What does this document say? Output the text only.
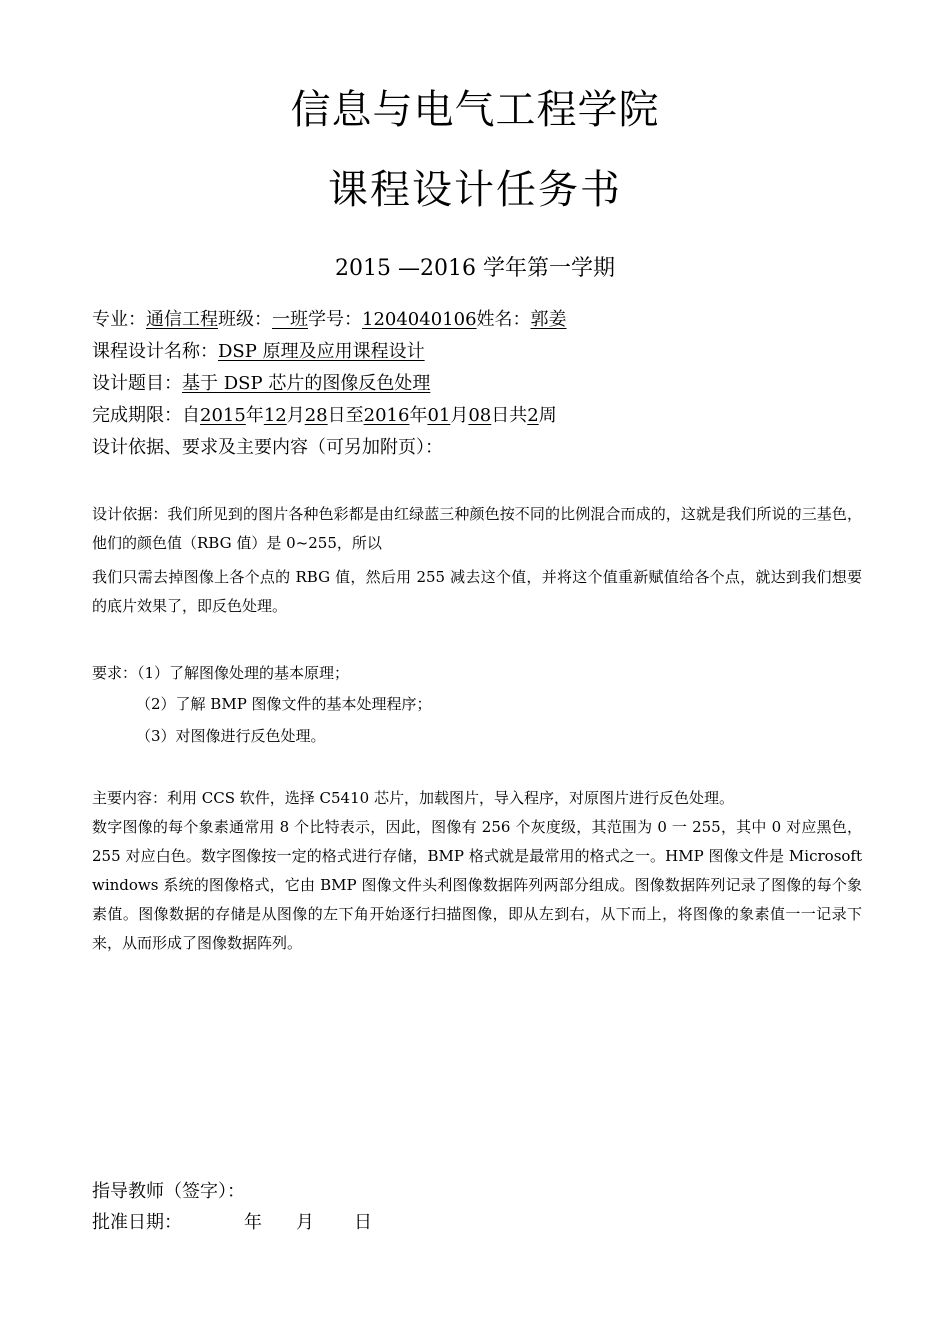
信息与电气工程学院
课程设计任务书
2015 —2016 学年第一学期
专业：通信工程班级：一班学号：1204040106姓名：郭姜
课程设计名称：DSP 原理及应用课程设计
设计题目：基于 DSP 芯片的图像反色处理
完成期限：自2015年12月28日至2016年01月08日共2周
设计依据、要求及主要内容（可另加附页）：
设计依据：我们所见到的图片各种色彩都是由红绿蓝三种颜色按不同的比例混合而成的，这就是我们所说的三基色，他们的颜色值（RBG 值）是 0~255，所以
我们只需去掉图像上各个点的 RBG 值，然后用 255 减去这个值，并将这个值重新赋值给各个点，就达到我们想要的底片效果了，即反色处理。
要求：（1）了解图像处理的基本原理；
（2）了解 BMP 图像文件的基本处理程序；
（3）对图像进行反色处理。
主要内容：利用 CCS 软件，选择 C5410 芯片，加载图片，导入程序，对原图片进行反色处理。
数字图像的每个象素通常用 8 个比特表示，因此，图像有 256 个灰度级，其范围为 0 一 255，其中 0 对应黑色，255 对应白色。数字图像按一定的格式进行存储，BMP 格式就是最常用的格式之一。HMP 图像文件是 Microsoft windows 系统的图像格式，它由 BMP 图像文件头利图像数据阵列两部分组成。图像数据阵列记录了图像的每个象素值。图像数据的存储是从图像的左下角开始逐行扫描图像，即从左到右，从下而上，将图像的象素值一一记录下来，从而形成了图像数据阵列。
指导教师（签字）：
批准日期：	年 月 日
